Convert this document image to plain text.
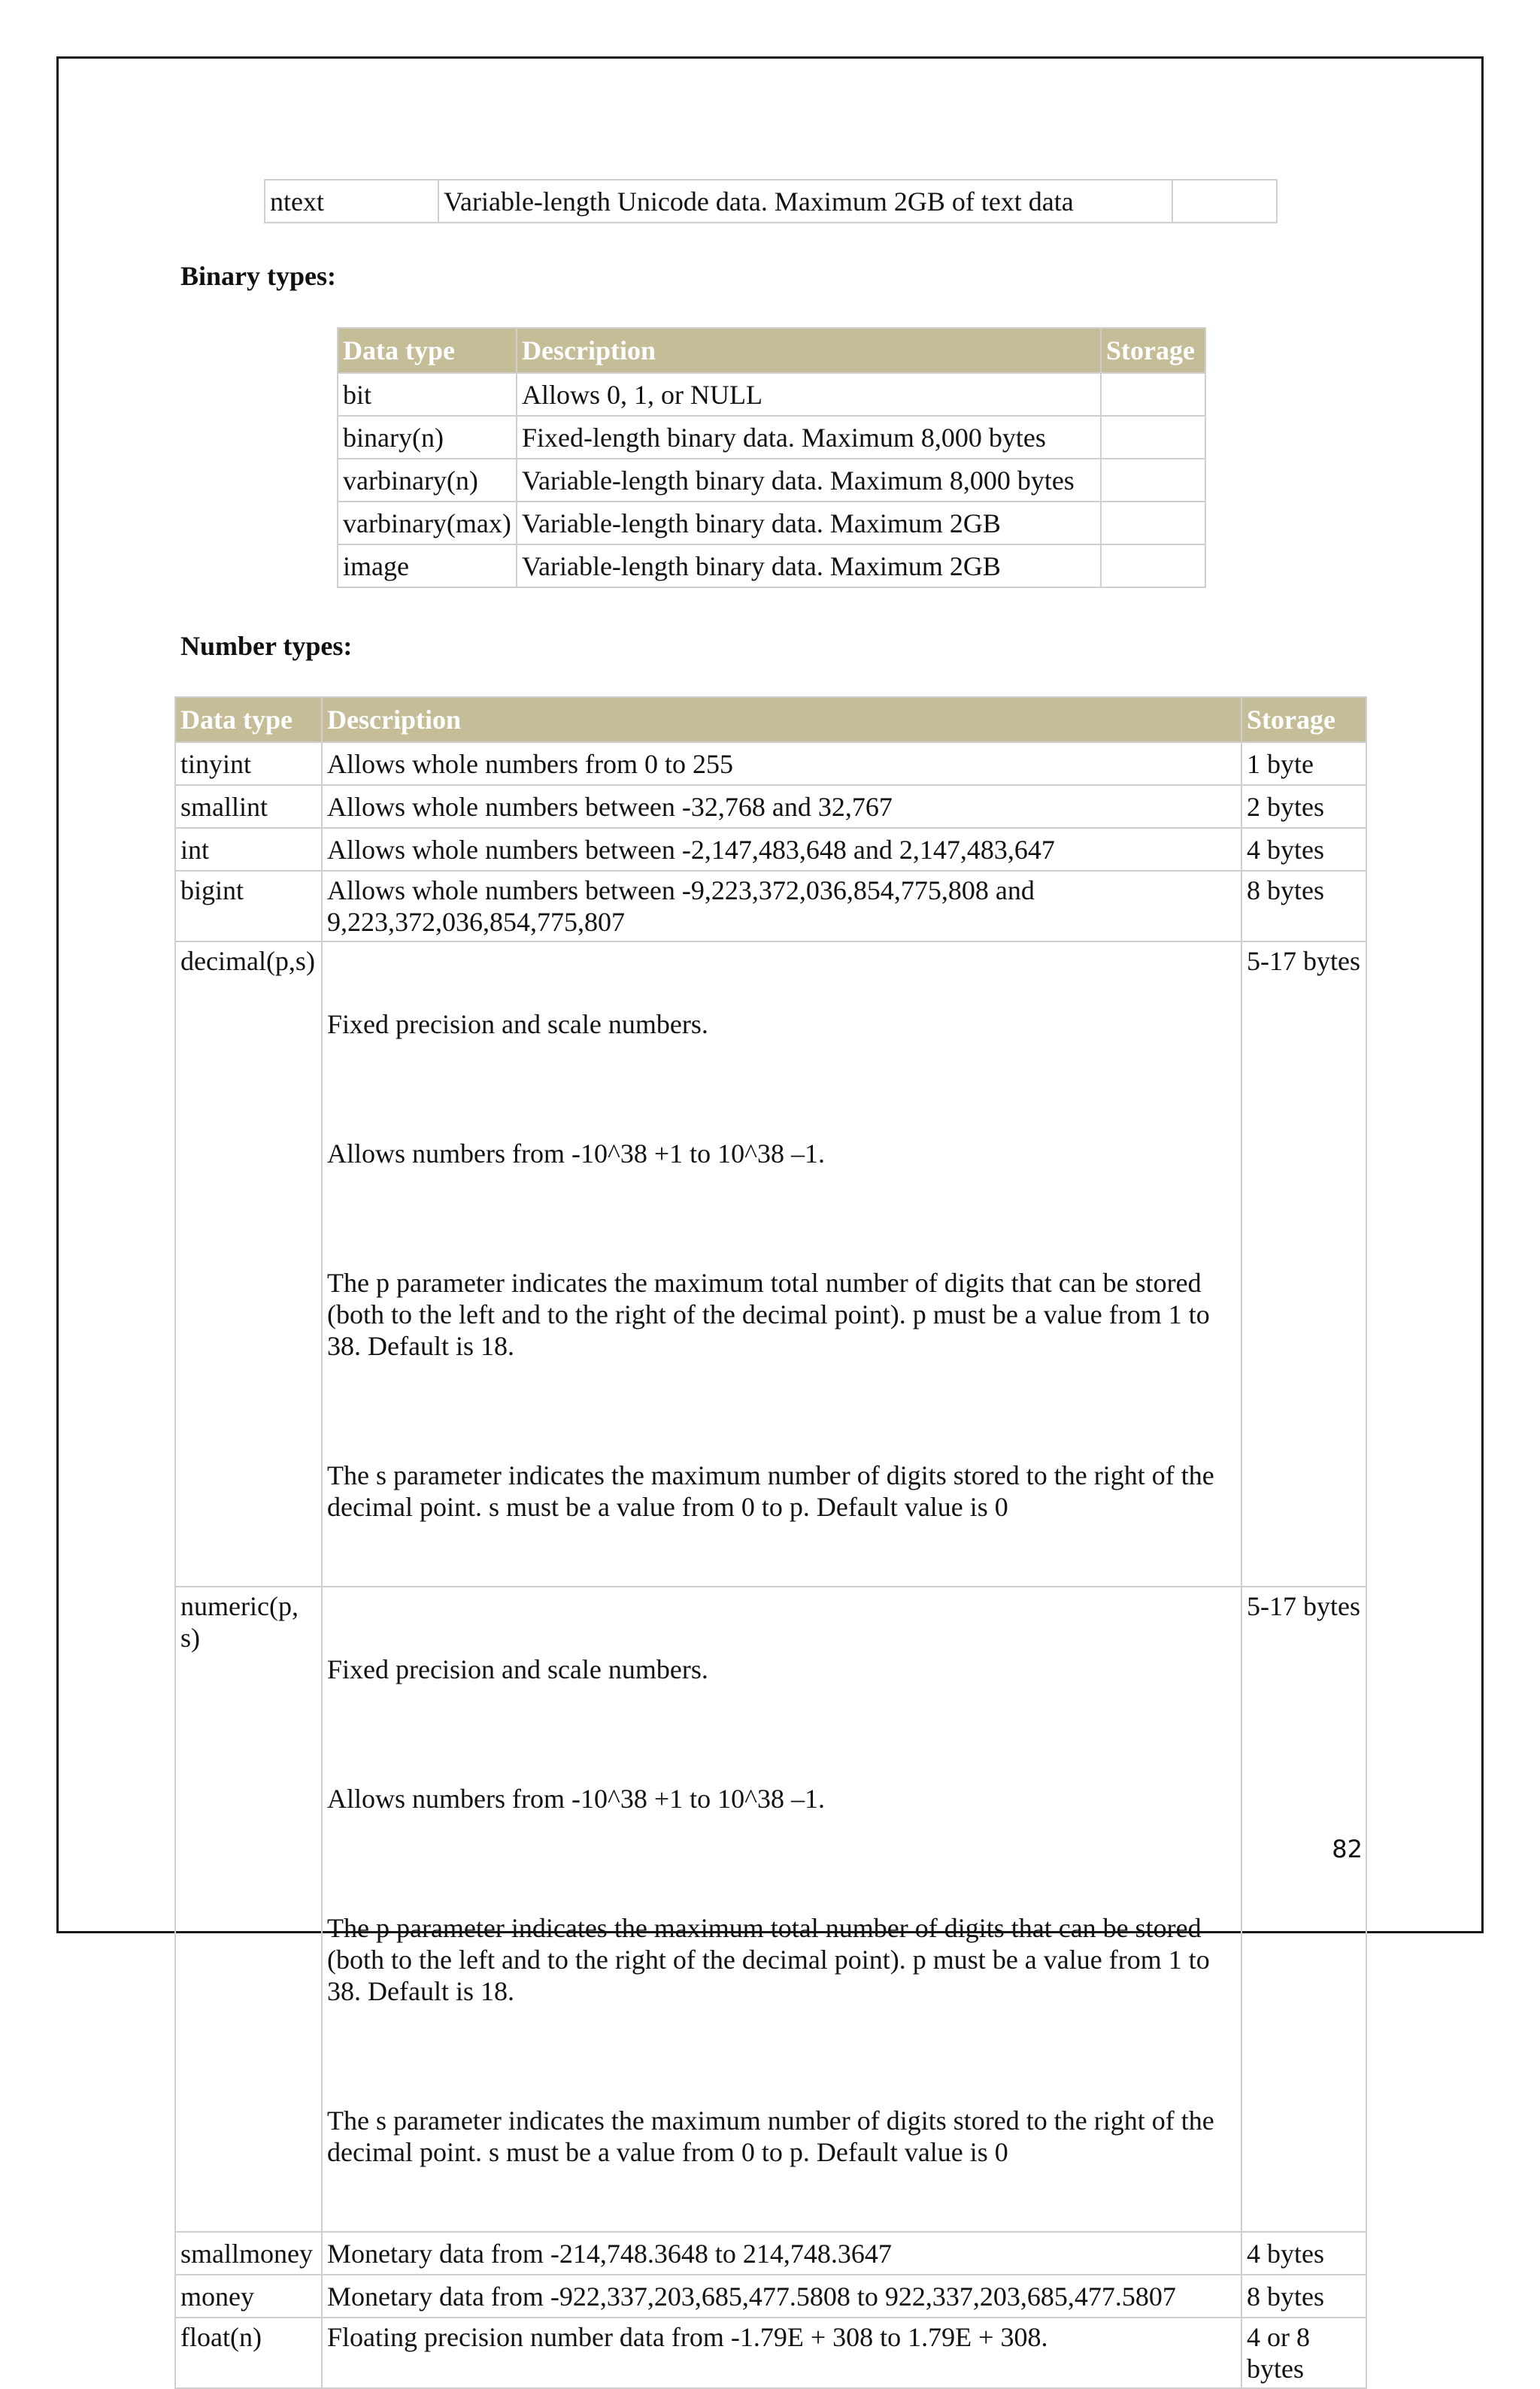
ntext	Variable-length Unicode data. Maximum 2GB of text data	
Binary types:
Data type	Description	Storage
bit	Allows 0, 1, or NULL	
binary(n)	Fixed-length binary data. Maximum 8,000 bytes	
varbinary(n)	Variable-length binary data. Maximum 8,000 bytes	
varbinary(max)	Variable-length binary data. Maximum 2GB	
image	Variable-length binary data. Maximum 2GB	
Number types:
Data type	Description	Storage
tinyint	Allows whole numbers from 0 to 255	1 byte
smallint	Allows whole numbers between -32,768 and 32,767	2 bytes
int	Allows whole numbers between -2,147,483,648 and 2,147,483,647	4 bytes
bigint	Allows whole numbers between -9,223,372,036,854,775,808 and 9,223,372,036,854,775,807	8 bytes
decimal(p,s)	Fixed precision and scale numbers.

Allows numbers from -10^38 +1 to 10^38 –1.

The p parameter indicates the maximum total number of digits that can be stored (both to the left and to the right of the decimal point). p must be a value from 1 to 38. Default is 18.

The s parameter indicates the maximum number of digits stored to the right of the decimal point. s must be a value from 0 to p. Default value is 0	5-17 bytes
numeric(p,s)	Fixed precision and scale numbers.

Allows numbers from -10^38 +1 to 10^38 –1.

The p parameter indicates the maximum total number of digits that can be stored (both to the left and to the right of the decimal point). p must be a value from 1 to 38. Default is 18.

The s parameter indicates the maximum number of digits stored to the right of the decimal point. s must be a value from 0 to p. Default value is 0	5-17 bytes
smallmoney	Monetary data from -214,748.3648 to 214,748.3647	4 bytes
money	Monetary data from -922,337,203,685,477.5808 to 922,337,203,685,477.5807	8 bytes
float(n)	Floating precision number data from -1.79E + 308 to 1.79E + 308.	4 or 8 bytes
82
